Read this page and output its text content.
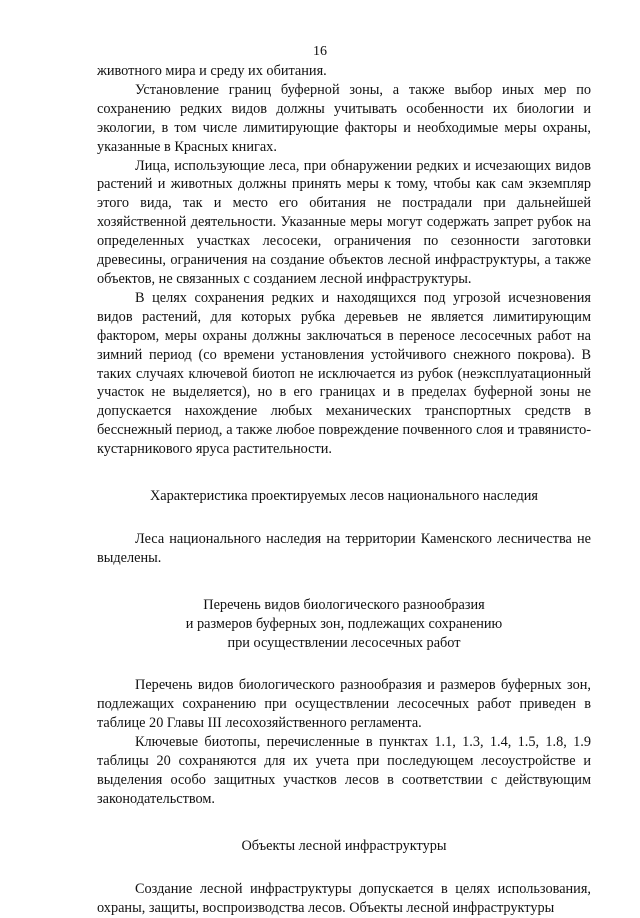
16

животного мира и среду их обитания.

Установление границ буферной зоны, а также выбор иных мер по сохранению редких видов должны учитывать особенности их биологии и экологии, в том числе лимитирующие факторы и необходимые меры охраны, указанные в Красных книгах.

Лица, использующие леса, при обнаружении редких и исчезающих видов растений и животных должны принять меры к тому, чтобы как сам экземпляр этого вида, так и место его обитания не пострадали при дальнейшей хозяйственной деятельности. Указанные меры могут содержать запрет рубок на определенных участках лесосеки, ограничения по сезонности заготовки древесины, ограничения на создание объектов лесной инфраструктуры, а также объектов, не связанных с созданием лесной инфраструктуры.

В целях сохранения редких и находящихся под угрозой исчезновения видов растений, для которых рубка деревьев не является лимитирующим фактором, меры охраны должны заключаться в переносе лесосечных работ на зимний период (со времени установления устойчивого снежного покрова). В таких случаях ключевой биотоп не исключается из рубок (неэксплуатационный участок не выделяется), но в его границах и в пределах буферной зоны не допускается нахождение любых механических транспортных средств в бесснежный период, а также любое повреждение почвенного слоя и травянисто-кустарникового яруса растительности.

Характеристика проектируемых лесов национального наследия

Леса национального наследия на территории Каменского лесничества не выделены.

Перечень видов биологического разнообразия

и размеров буферных зон, подлежащих сохранению

при осуществлении лесосечных работ

Перечень видов биологического разнообразия и размеров буферных зон, подлежащих сохранению при осуществлении лесосечных работ приведен в таблице 20 Главы III лесохозяйственного регламента.

Ключевые биотопы, перечисленные в пунктах 1.1, 1.3, 1.4, 1.5, 1.8, 1.9 таблицы 20 сохраняются для их учета при последующем лесоустройстве и выделения особо защитных участков лесов в соответствии с действующим законодательством.

Объекты лесной инфраструктуры

Создание лесной инфраструктуры допускается в целях использования, охраны, защиты, воспроизводства лесов. Объекты лесной инфраструктуры
